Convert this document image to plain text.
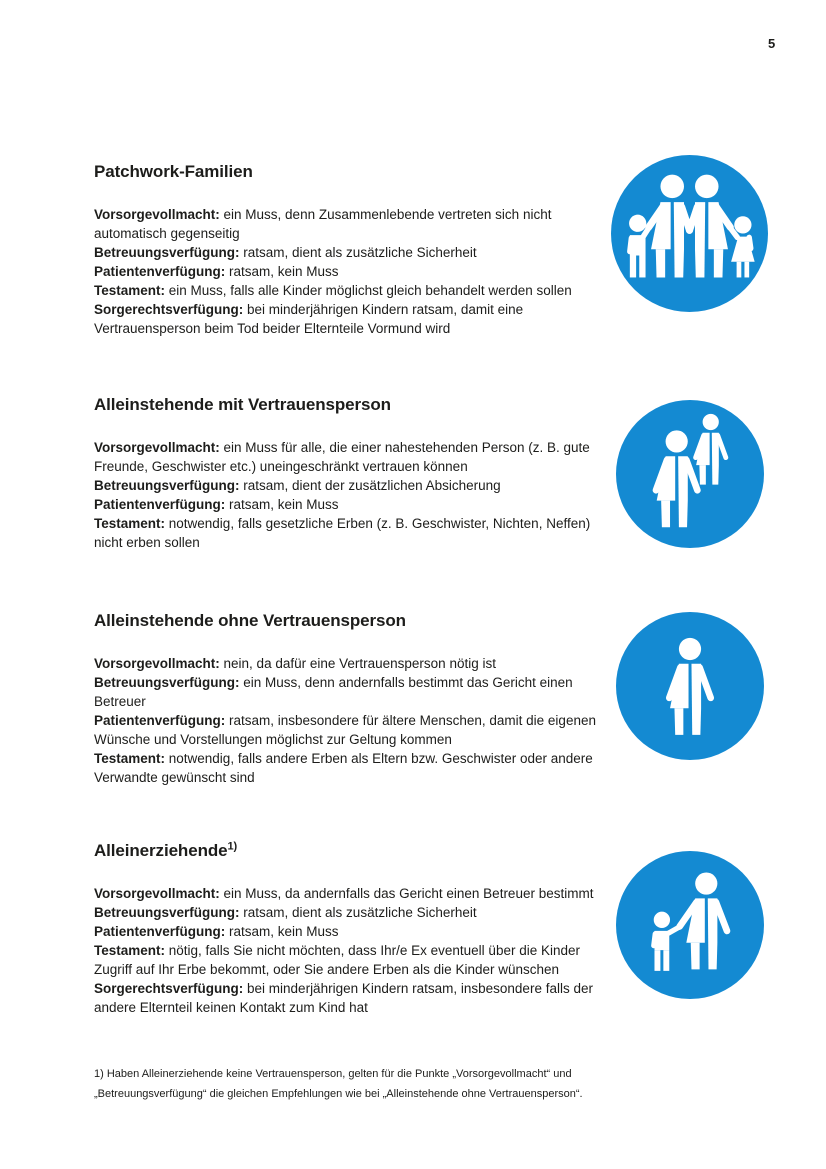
5
Patchwork-Familien

Vorsorgevollmacht: ein Muss, denn Zusammenlebende vertreten sich nicht automatisch gegenseitig

Betreuungsverfügung: ratsam, dient als zusätzliche Sicherheit

Patientenverfügung: ratsam, kein Muss

Testament: ein Muss, falls alle Kinder möglichst gleich behandelt werden sollen

Sorgerechtsverfügung: bei minderjährigen Kindern ratsam, damit eine Vertrauensperson beim Tod beider Elternteile Vormund wird

Alleinstehende mit Vertrauensperson

Vorsorgevollmacht: ein Muss für alle, die einer nahestehenden Person (z. B. gute Freunde, Geschwister etc.) uneingeschränkt vertrauen können

Betreuungsverfügung: ratsam, dient der zusätzlichen Absicherung

Patientenverfügung: ratsam, kein Muss

Testament: notwendig, falls gesetzliche Erben (z. B. Geschwister, Nichten, Neffen) nicht erben sollen

Alleinstehende ohne Vertrauensperson

Vorsorgevollmacht: nein, da dafür eine Vertrauensperson nötig ist

Betreuungsverfügung: ein Muss, denn andernfalls bestimmt das Gericht einen Betreuer

Patientenverfügung: ratsam, insbesondere für ältere Menschen, damit die eigenen Wünsche und Vorstellungen möglichst zur Geltung kommen

Testament: notwendig, falls andere Erben als Eltern bzw. Geschwister oder andere Verwandte gewünscht sind

Alleinerziehende$^{1)}$

Vorsorgevollmacht: ein Muss, da andernfalls das Gericht einen Betreuer bestimmt

Betreuungsverfügung: ratsam, dient als zusätzliche Sicherheit

Patientenverfügung: ratsam, kein Muss

Testament: nötig, falls Sie nicht möchten, dass Ihr/e Ex eventuell über die Kinder Zugriff auf Ihr Erbe bekommt, oder Sie andere Erben als die Kinder wünschen

Sorgerechtsverfügung: bei minderjährigen Kindern ratsam, insbesondere falls der andere Elternteil keinen Kontakt zum Kind hat

1) Haben Alleinerziehende keine Vertrauensperson, gelten für die Punkte „Vorsorgevollmacht“ und „Betreuungsverfügung“ die gleichen Empfehlungen wie bei „Alleinstehende ohne Vertrauensperson“.
